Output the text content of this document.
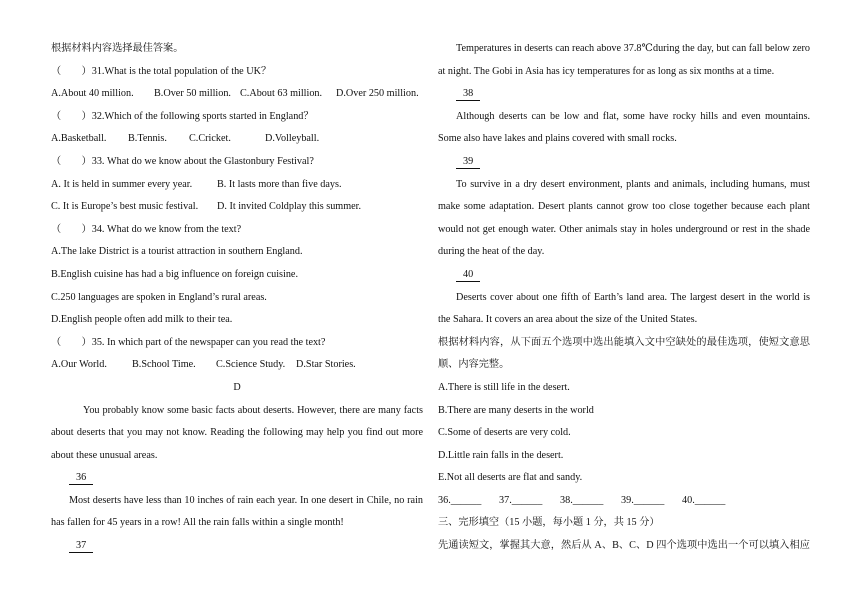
根据材料内容选择最佳答案。
（　　）31.What is the total population of the UK？
A.About 40 million.	B.Over 50 million. C.About 63 million.	D.Over 250 million.
（　　）32.Which of the following sports started in England？
A.Basketball.	B.Tennis.	C.Cricket.	D.Volleyball.
（　　）33. What do we know about the Glastonbury Festival?
A. It is held in summer every year.	B. It lasts more than five days.
C. It is Europe’s best music festival.	D. It invited Coldplay this summer.
（　　）34. What do we know from the text?
A.The lake District is a tourist attraction in southern England.
B.English cuisine has had a big influence on foreign cuisine.
C.250 languages are spoken in England’s rural areas.
D.English people often add milk to their tea.
（　　）35. In which part of the newspaper can you read the text?
A.Our World.	B.School Time.	C.Science Study.	D.Star Stories.
D
You probably know some basic facts about deserts. However, there are many facts
about deserts that you may not know. Reading the following may help you find out more
about these unusual areas.
36
Most deserts have less than 10 inches of rain each year. In one desert in Chile, no rain
has fallen for 45 years in a row! All the rain falls within a single month!
37
Temperatures in deserts can reach above 37.8℃during the day, but can fall below zero
at night. The Gobi in Asia has icy temperatures for as long as six months at a time.
38
Although deserts can be low and flat, some have rocky hills and even mountains.
Some also have lakes and plains covered with small rocks.
39
To survive in a dry desert environment, plants and animals, including humans, must
make some adaptation. Desert plants cannot grow too close together because each plant
would not get enough water. Other animals stay in holes underground or rest in the shade
during the heat of the day.
40
Deserts cover about one fifth of Earth’s land area. The largest desert in the world is
the Sahara. It covers an area about the size of the United States.
根据材料内容，从下面五个选项中选出能填入文中空缺处的最佳选项，使短文意思
顺、内容完整。
A.There is still life in the desert.
B.There are many deserts in the world
C.Some of deserts are very cold.
D.Little rain falls in the desert.
E.Not all deserts are flat and sandy.
36.______	37.______	38.______	39.______	40.______
三、完形填空（15 小题，每小题 1 分，共 15 分）
先通读短文，掌握其大意，然后从 A、B、C、D 四个选项中选出一个可以填入相应
